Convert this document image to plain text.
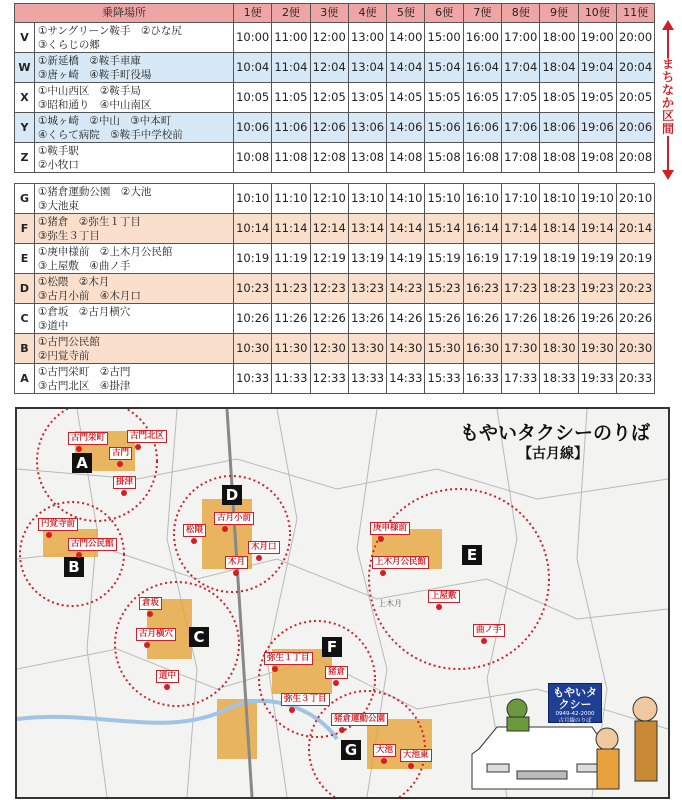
乗降場所		1便	2便	3便	4便	5便	6便	7便	8便	9便	10便	11便
V	①サングリーン鞍手　②ひな尻
③くらじの郷	10:00	11:00	12:00	13:00	14:00	15:00	16:00	17:00	18:00	19:00	20:00
W	①新延橋　②鞍手車庫
③唐ヶ崎　④鞍手町役場	10:04	11:04	12:04	13:04	14:04	15:04	16:04	17:04	18:04	19:04	20:04
X	①中山西区　②鞍手局
③昭和通り　④中山南区	10:05	11:05	12:05	13:05	14:05	15:05	16:05	17:05	18:05	19:05	20:05
Y	①城ヶ崎　②中山　③中本町
④くらて病院　⑤鞍手中学校前	10:06	11:06	12:06	13:06	14:06	15:06	16:06	17:06	18:06	19:06	20:06
Z	①鞍手駅
②小牧口	10:08	11:08	12:08	13:08	14:08	15:08	16:08	17:08	18:08	19:08	20:08
G	①猪倉運動公園　②大池
③大池東	10:10	11:10	12:10	13:10	14:10	15:10	16:10	17:10	18:10	19:10	20:10
F	①猪倉　②弥生１丁目
③弥生３丁目	10:14	11:14	12:14	13:14	14:14	15:14	16:14	17:14	18:14	19:14	20:14
E	①庚申様前　②上木月公民館
③上屋敷　④曲ノ手	10:19	11:19	12:19	13:19	14:19	15:19	16:19	17:19	18:19	19:19	20:19
D	①松隈　②木月
③古月小前　④木月口	10:23	11:23	12:23	13:23	14:23	15:23	16:23	17:23	18:23	19:23	20:23
C	①倉坂　②古月横穴
③道中	10:26	11:26	12:26	13:26	14:26	15:26	16:26	17:26	18:26	19:26	20:26
B	①古門公民館
②円覚寺前	10:30	11:30	12:30	13:30	14:30	15:30	16:30	17:30	18:30	19:30	20:30
A	①古門栄町　②古門
③古門北区　④掛津	10:33	11:33	12:33	13:33	14:33	15:33	16:33	17:33	18:33	19:33	20:33
ま
ち
な
か
区
間
もやいタクシーのりば
【古月線】
A
古門栄町	古門北区
古門
掛津
B
円覚寺前
古門公民館
C
倉坂
古月横穴
道中
D
松隈
古月小前
木月口
木月	E
庚申様前
上木月公民館
上屋敷
曲ノ手
F
弥生１丁目
猪倉
弥生３丁目
G
猪倉運動公園
大池	大池東
上木月
もやいタクシー
0949-42-2000
古月線のりば
